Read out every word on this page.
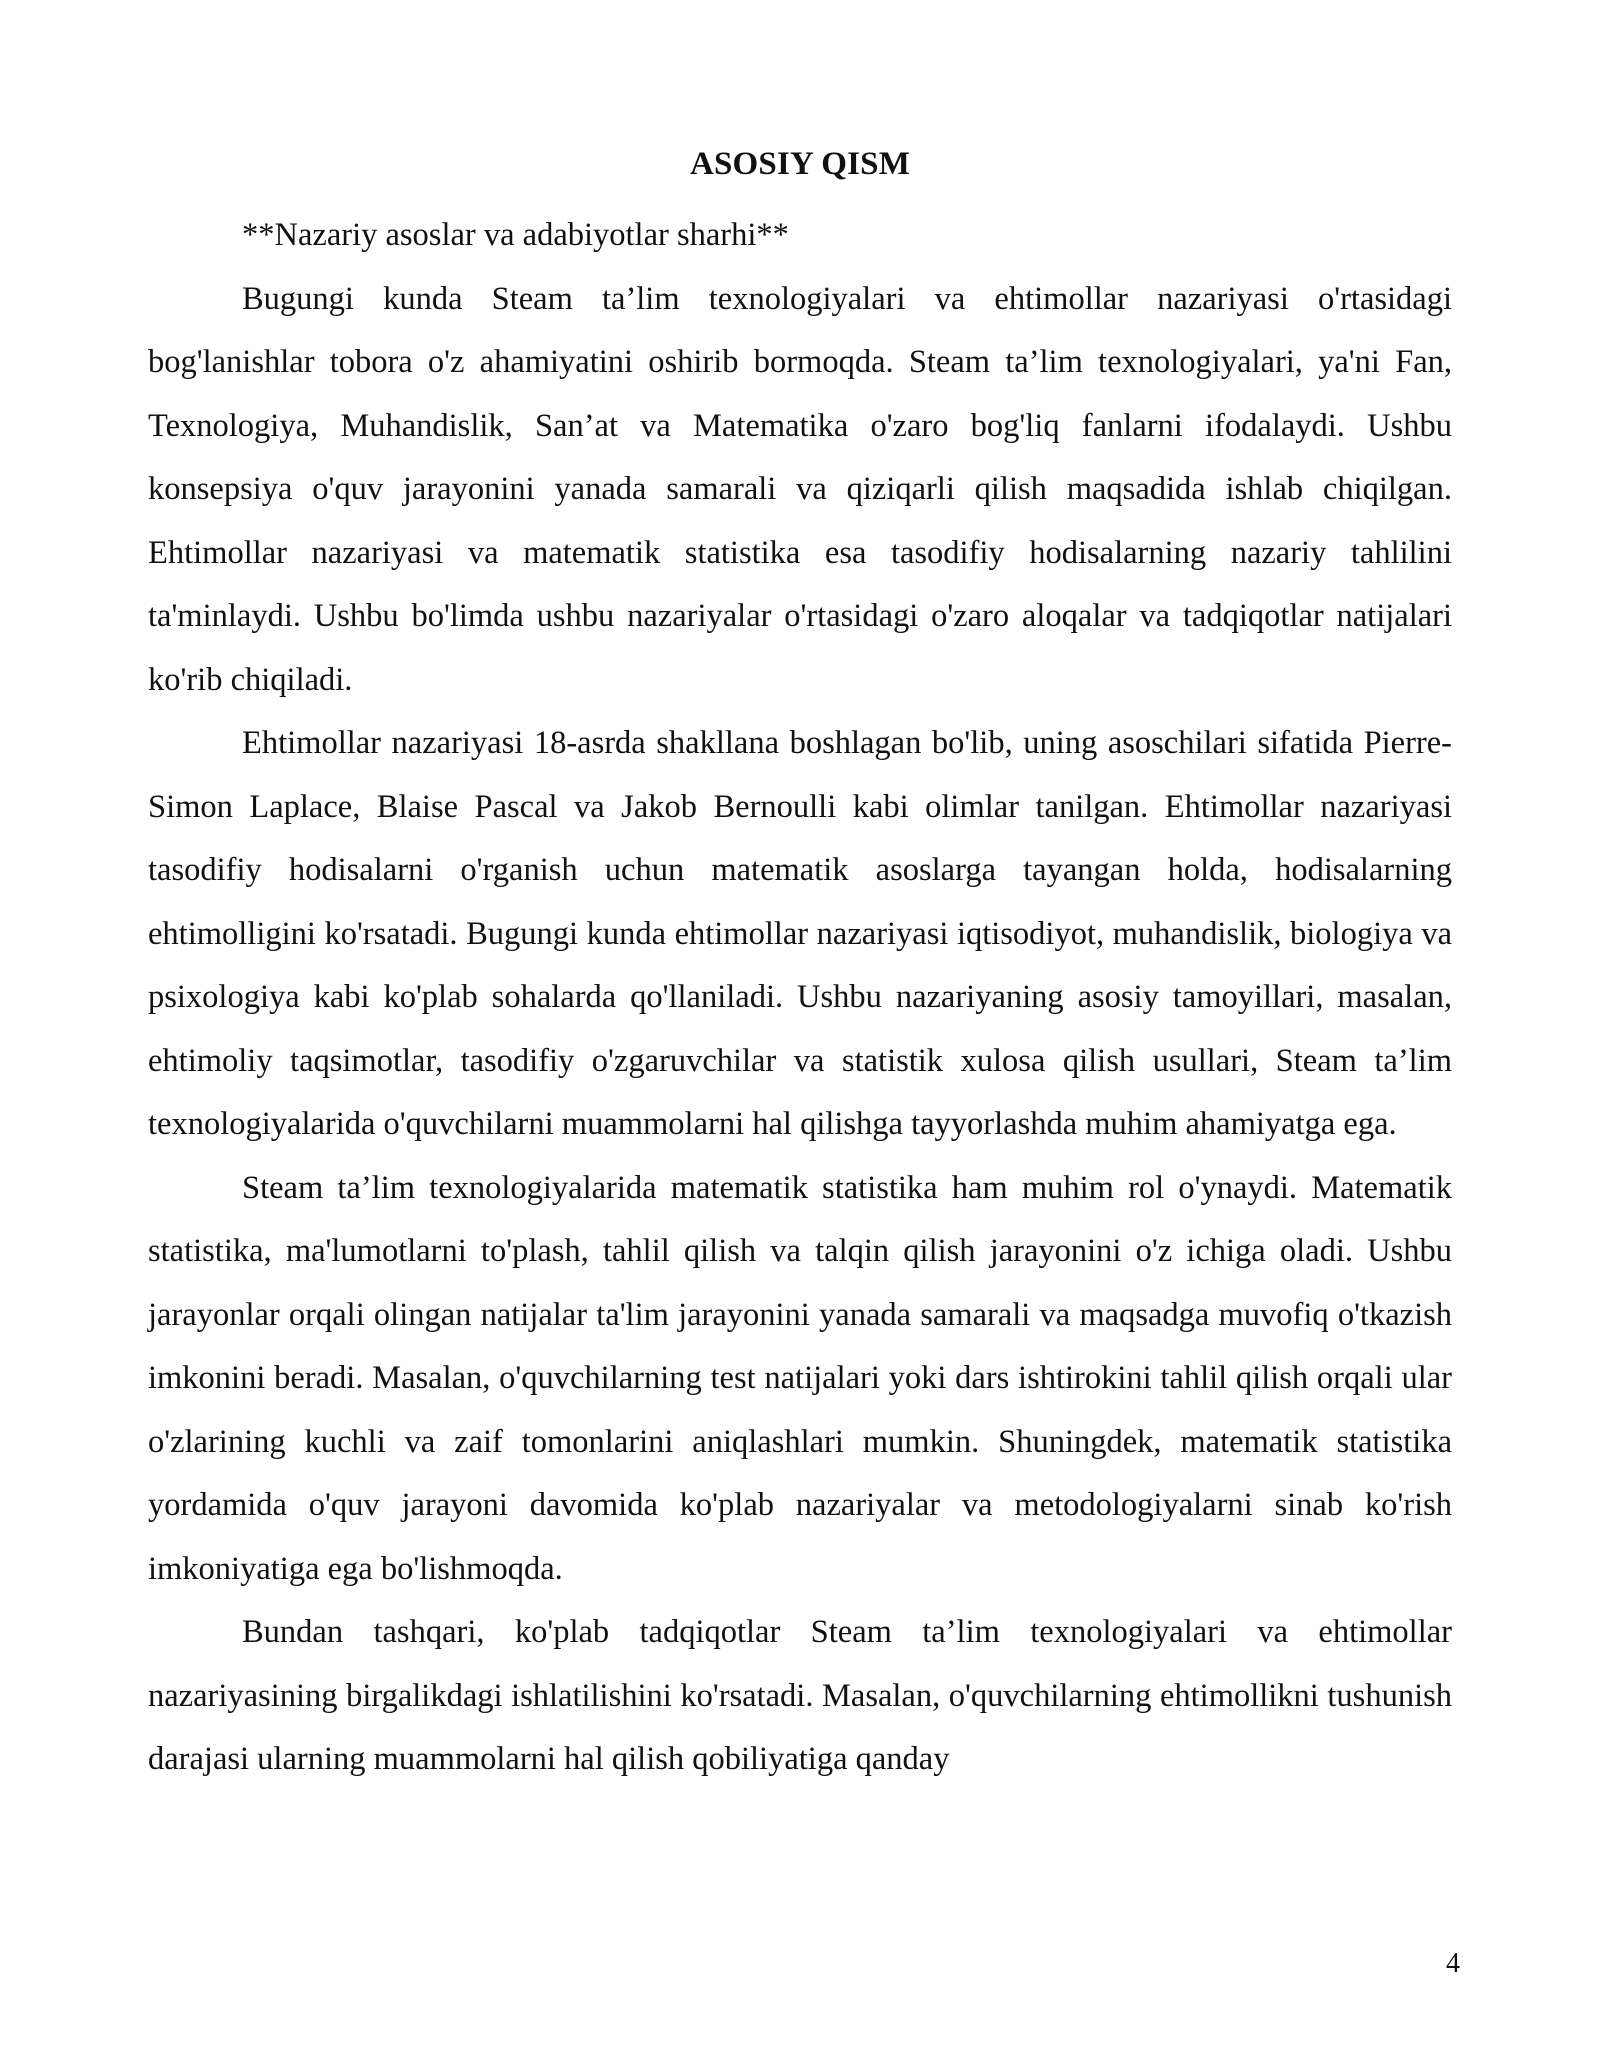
ASOSIY QISM

**Nazariy asoslar va adabiyotlar sharhi**

Bugungi kunda Steam ta’lim texnologiyalari va ehtimollar nazariyasi o'rtasidagi bog'lanishlar tobora o'z ahamiyatini oshirib bormoqda. Steam ta’lim texnologiyalari, ya'ni Fan, Texnologiya, Muhandislik, San’at va Matematika o'zaro bog'liq fanlarni ifodalaydi. Ushbu konsepsiya o'quv jarayonini yanada samarali va qiziqarli qilish maqsadida ishlab chiqilgan. Ehtimollar nazariyasi va matematik statistika esa tasodifiy hodisalarning nazariy tahlilini ta'minlaydi. Ushbu bo'limda ushbu nazariyalar o'rtasidagi o'zaro aloqalar va tadqiqotlar natijalari ko'rib chiqiladi.

Ehtimollar nazariyasi 18-asrda shakllana boshlagan bo'lib, uning asoschilari sifatida Pierre-Simon Laplace, Blaise Pascal va Jakob Bernoulli kabi olimlar tanilgan. Ehtimollar nazariyasi tasodifiy hodisalarni o'rganish uchun matematik asoslarga tayangan holda, hodisalarning ehtimolligini ko'rsatadi. Bugungi kunda ehtimollar nazariyasi iqtisodiyot, muhandislik, biologiya va psixologiya kabi ko'plab sohalarda qo'llaniladi. Ushbu nazariyaning asosiy tamoyillari, masalan, ehtimoliy taqsimotlar, tasodifiy o'zgaruvchilar va statistik xulosa qilish usullari, Steam ta’lim texnologiyalarida o'quvchilarni muammolarni hal qilishga tayyorlashda muhim ahamiyatga ega.

Steam ta’lim texnologiyalarida matematik statistika ham muhim rol o'ynaydi. Matematik statistika, ma'lumotlarni to'plash, tahlil qilish va talqin qilish jarayonini o'z ichiga oladi. Ushbu jarayonlar orqali olingan natijalar ta'lim jarayonini yanada samarali va maqsadga muvofiq o'tkazish imkonini beradi. Masalan, o'quvchilarning test natijalari yoki dars ishtirokini tahlil qilish orqali ular o'zlarining kuchli va zaif tomonlarini aniqlashlari mumkin. Shuningdek, matematik statistika yordamida o'quv jarayoni davomida ko'plab nazariyalar va metodologiyalarni sinab ko'rish imkoniyatiga ega bo'lishmoqda.

Bundan tashqari, ko'plab tadqiqotlar Steam ta’lim texnologiyalari va ehtimollar nazariyasining birgalikdagi ishlatilishini ko'rsatadi. Masalan, o'quvchilarning ehtimollikni tushunish darajasi ularning muammolarni hal qilish qobiliyatiga qanday

4
